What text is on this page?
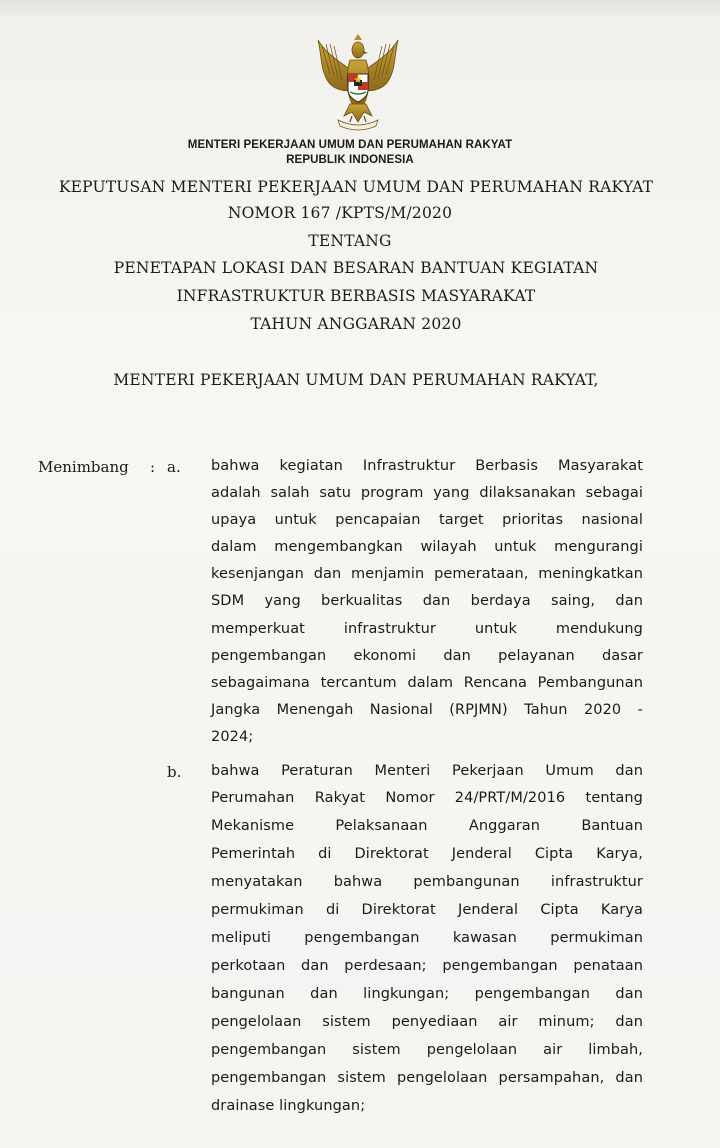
MENTERI PEKERJAAN UMUM DAN PERUMAHAN RAKYAT
REPUBLIK INDONESIA
KEPUTUSAN MENTERI PEKERJAAN UMUM DAN PERUMAHAN RAKYAT
NOMOR 167 /KPTS/M/2020
TENTANG
PENETAPAN LOKASI DAN BESARAN BANTUAN KEGIATAN
INFRASTRUKTUR BERBASIS MASYARAKAT
TAHUN ANGGARAN 2020
MENTERI PEKERJAAN UMUM DAN PERUMAHAN RAKYAT,
Menimbang : a. bahwa kegiatan Infrastruktur Berbasis Masyarakat
adalah salah satu program yang dilaksanakan sebagai
upaya untuk pencapaian target prioritas nasional
dalam mengembangkan wilayah untuk mengurangi
kesenjangan dan menjamin pemerataan, meningkatkan
SDM yang berkualitas dan berdaya saing, dan
memperkuat infrastruktur untuk mendukung
pengembangan ekonomi dan pelayanan dasar
sebagaimana tercantum dalam Rencana Pembangunan
Jangka Menengah Nasional (RPJMN) Tahun 2020 -
2024;
b. bahwa Peraturan Menteri Pekerjaan Umum dan
Perumahan Rakyat Nomor 24/PRT/M/2016 tentang
Mekanisme Pelaksanaan Anggaran Bantuan
Pemerintah di Direktorat Jenderal Cipta Karya,
menyatakan bahwa pembangunan infrastruktur
permukiman di Direktorat Jenderal Cipta Karya
meliputi pengembangan kawasan permukiman
perkotaan dan perdesaan; pengembangan penataan
bangunan dan lingkungan; pengembangan dan
pengelolaan sistem penyediaan air minum; dan
pengembangan sistem pengelolaan air limbah,
pengembangan sistem pengelolaan persampahan, dan
drainase lingkungan;
